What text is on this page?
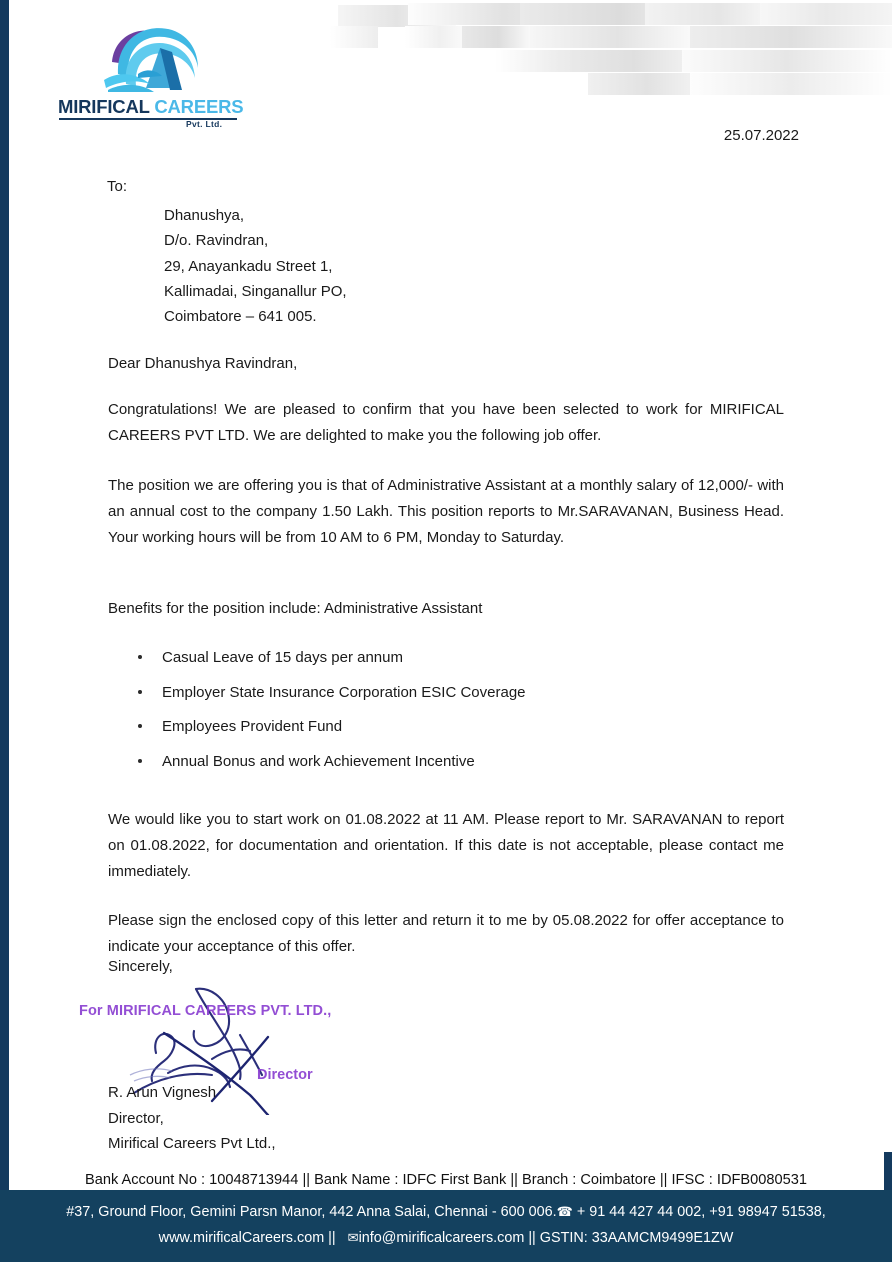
MIRIFICAL CAREERS
Pvt. Ltd.
25.07.2022
To:
Dhanushya,
D/o. Ravindran,
29, Anayankadu Street 1,
Kallimadai, Singanallur PO,
Coimbatore – 641 005.
Dear Dhanushya Ravindran,
Congratulations! We are pleased to confirm that you have been selected to work for MIRIFICAL CAREERS PVT LTD. We are delighted to make you the following job offer.
The position we are offering you is that of Administrative Assistant at a monthly salary of 12,000/- with an annual cost to the company 1.50 Lakh. This position reports to Mr.SARAVANAN, Business Head. Your working hours will be from 10 AM to 6 PM, Monday to Saturday.
Benefits for the position include: Administrative Assistant
Casual Leave of 15 days per annum
Employer State Insurance Corporation ESIC Coverage
Employees Provident Fund
Annual Bonus and work Achievement Incentive
We would like you to start work on 01.08.2022 at 11 AM. Please report to Mr. SARAVANAN to report on 01.08.2022, for documentation and orientation. If this date is not acceptable, please contact me immediately.
Please sign the enclosed copy of this letter and return it to me by 05.08.2022 for offer acceptance to indicate your acceptance of this offer.
Sincerely,
For MIRIFICAL CAREERS PVT. LTD.,
Director
R. Arun Vignesh
Director,
Mirifical Careers Pvt Ltd.,
Bank Account No : 10048713944 || Bank Name : IDFC First Bank || Branch : Coimbatore || IFSC : IDFB0080531
#37, Ground Floor, Gemini Parsn Manor, 442 Anna Salai, Chennai - 600 006.☎ + 91 44 427 44 002, +91 98947 51538,
www.mirificalCareers.com || ✉info@mirificalcareers.com || GSTIN: 33AAMCM9499E1ZW
